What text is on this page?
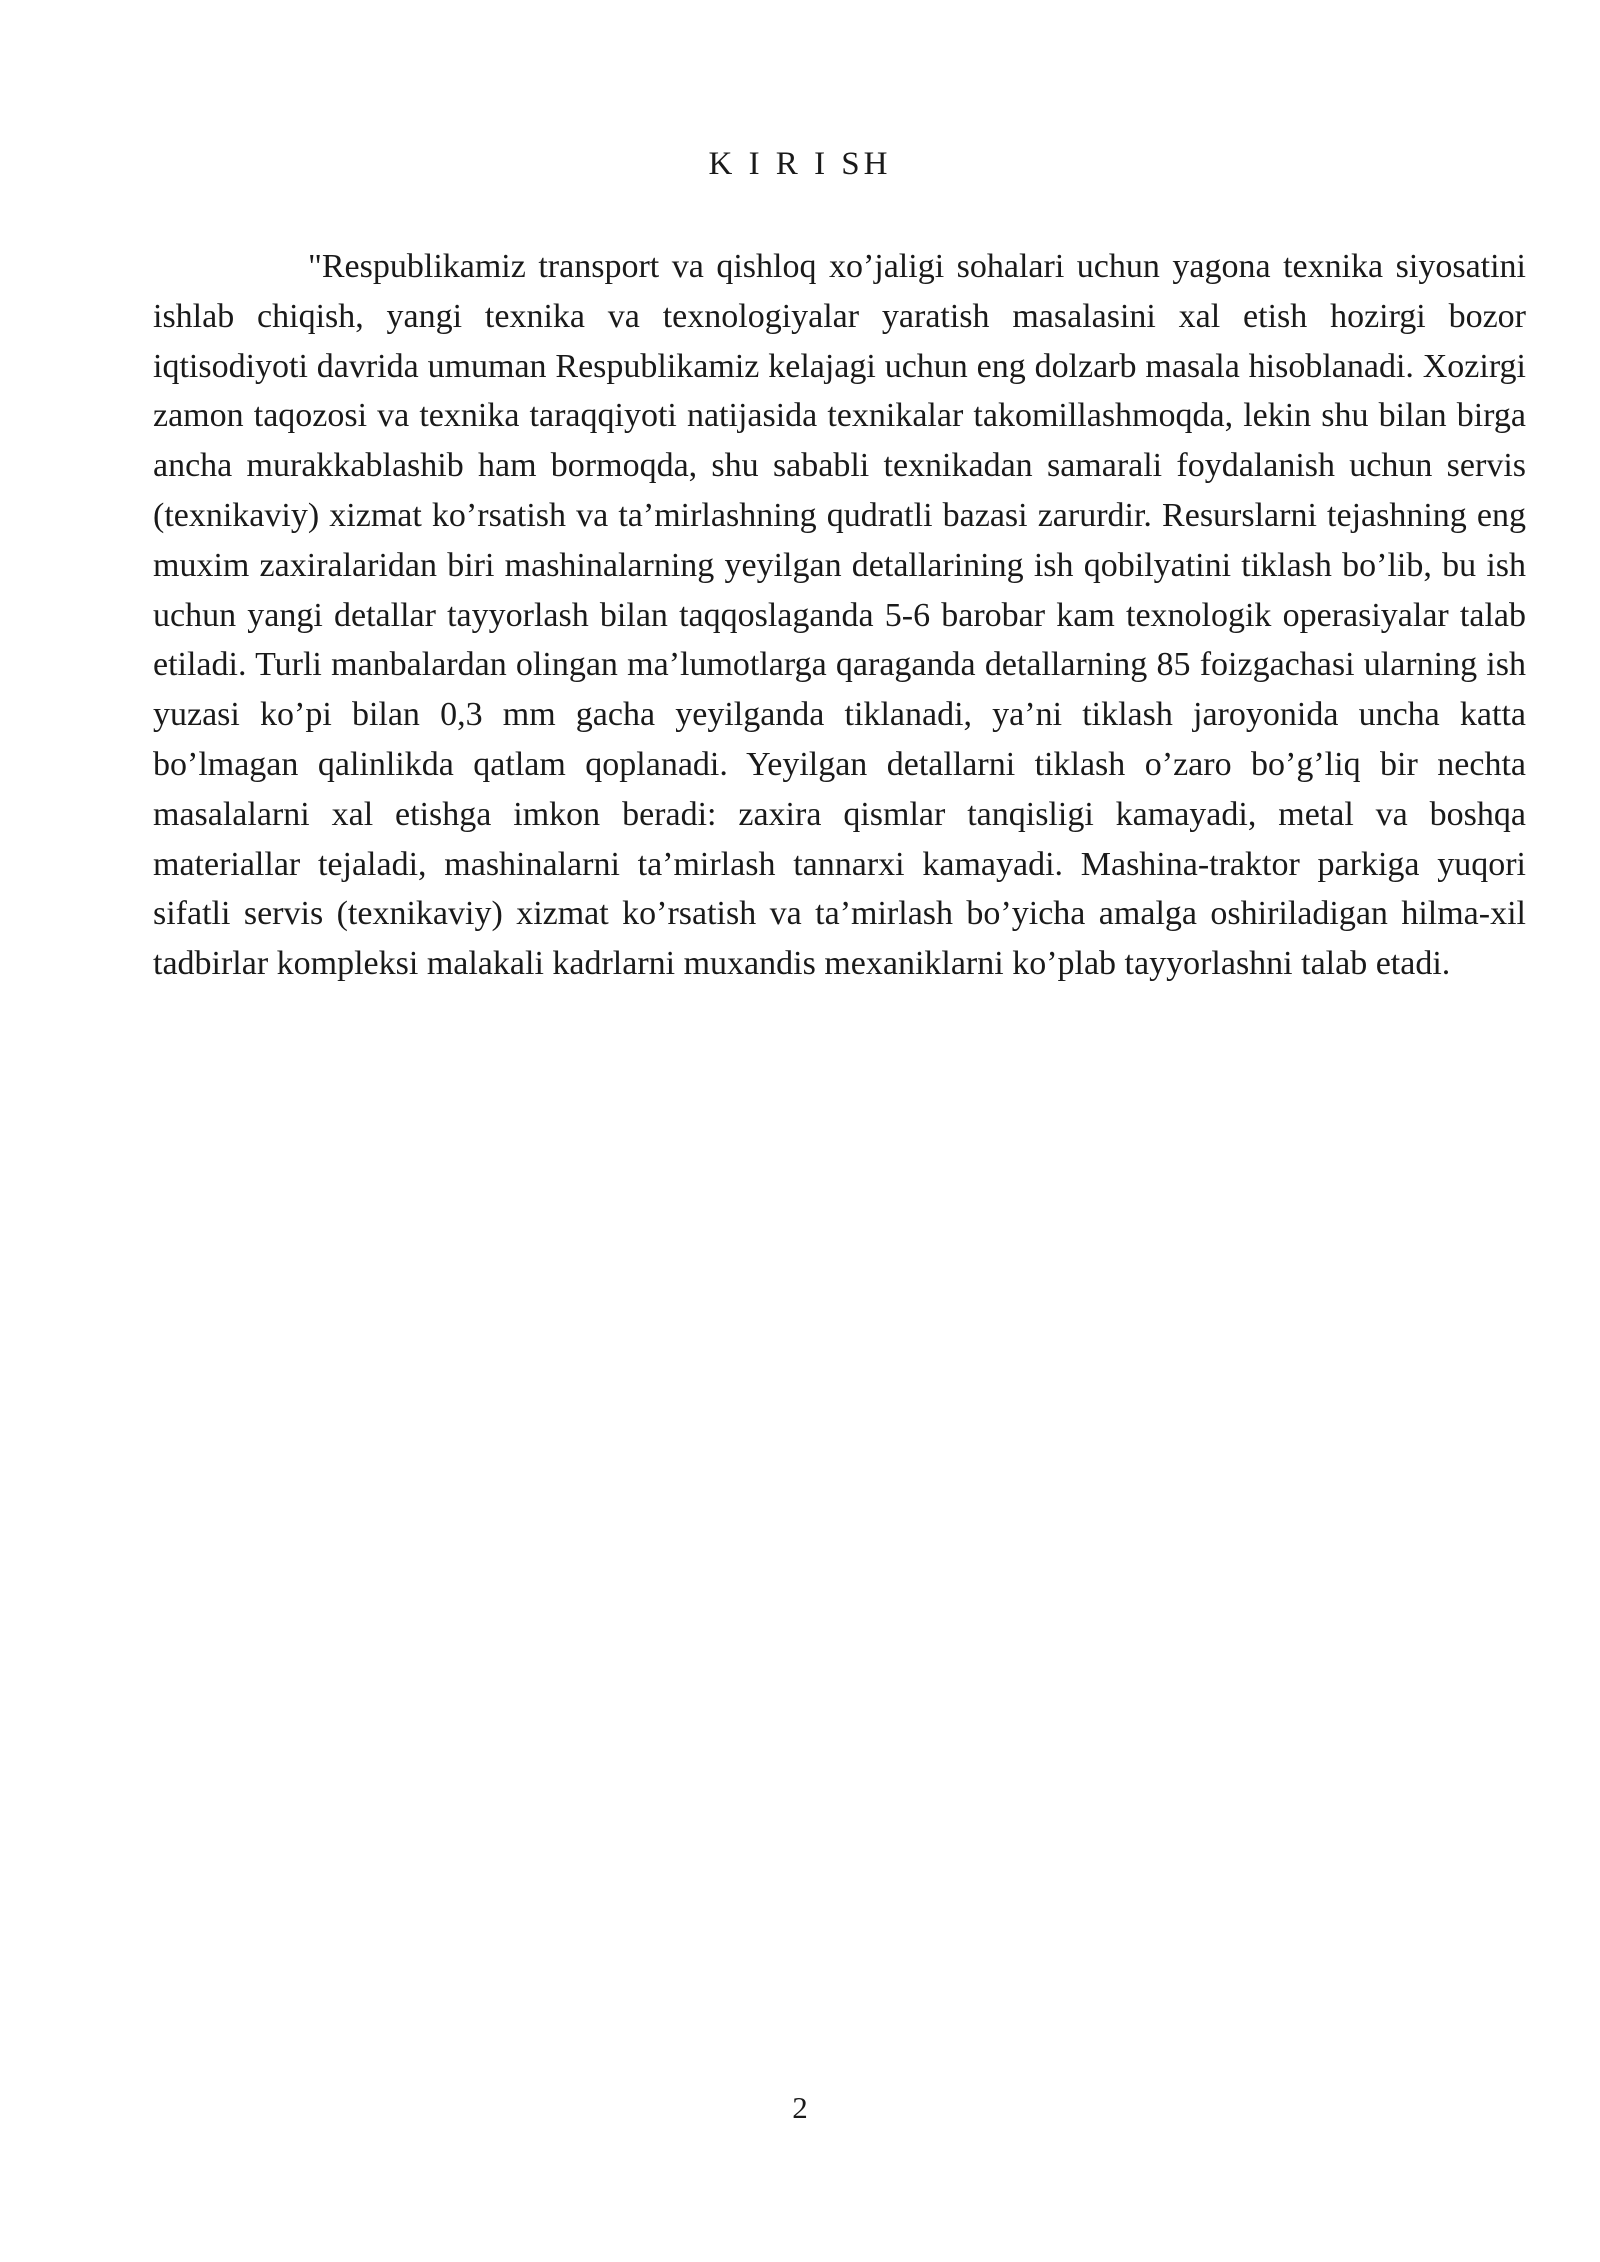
K I R I SH

"Respublikamiz transport va qishloq xo’jaligi sohalari uchun yagona texnika siyosatini ishlab chiqish, yangi texnika va texnologiyalar yaratish masalasini xal etish hozirgi bozor iqtisodiyoti davrida umuman Respublikamiz kelajagi uchun eng dolzarb masala hisoblanadi. Xozirgi zamon taqozosi va texnika taraqqiyoti natijasida texnikalar takomillashmoqda, lekin shu bilan birga ancha murakkablashib ham bormoqda, shu sababli texnikadan samarali foydalanish uchun servis (texnikaviy) xizmat ko’rsatish va ta’mirlashning qudratli bazasi zarurdir. Resurslarni tejashning eng muxim zaxiralaridan biri mashinalarning yeyilgan detallarining ish qobilyatini tiklash bo’lib, bu ish uchun yangi detallar tayyorlash bilan taqqoslaganda 5-6 barobar kam texnologik operasiyalar talab etiladi. Turli manbalardan olingan ma’lumotlarga qaraganda detallarning 85 foizgachasi ularning ish yuzasi ko’pi bilan 0,3 mm gacha yeyilganda tiklanadi, ya’ni tiklash jaroyonida uncha katta bo’lmagan qalinlikda qatlam qoplanadi. Yeyilgan detallarni tiklash o’zaro bo’g’liq bir nechta masalalarni xal etishga imkon beradi: zaxira qismlar tanqisligi kamayadi, metal va boshqa materiallar tejaladi, mashinalarni ta’mirlash tannarxi kamayadi. Mashina-traktor parkiga yuqori sifatli servis (texnikaviy) xizmat ko’rsatish va ta’mirlash bo’yicha amalga oshiriladigan hilma-xil tadbirlar kompleksi malakali kadrlarni muxandis mexaniklarni ko’plab tayyorlashni talab etadi.

2
